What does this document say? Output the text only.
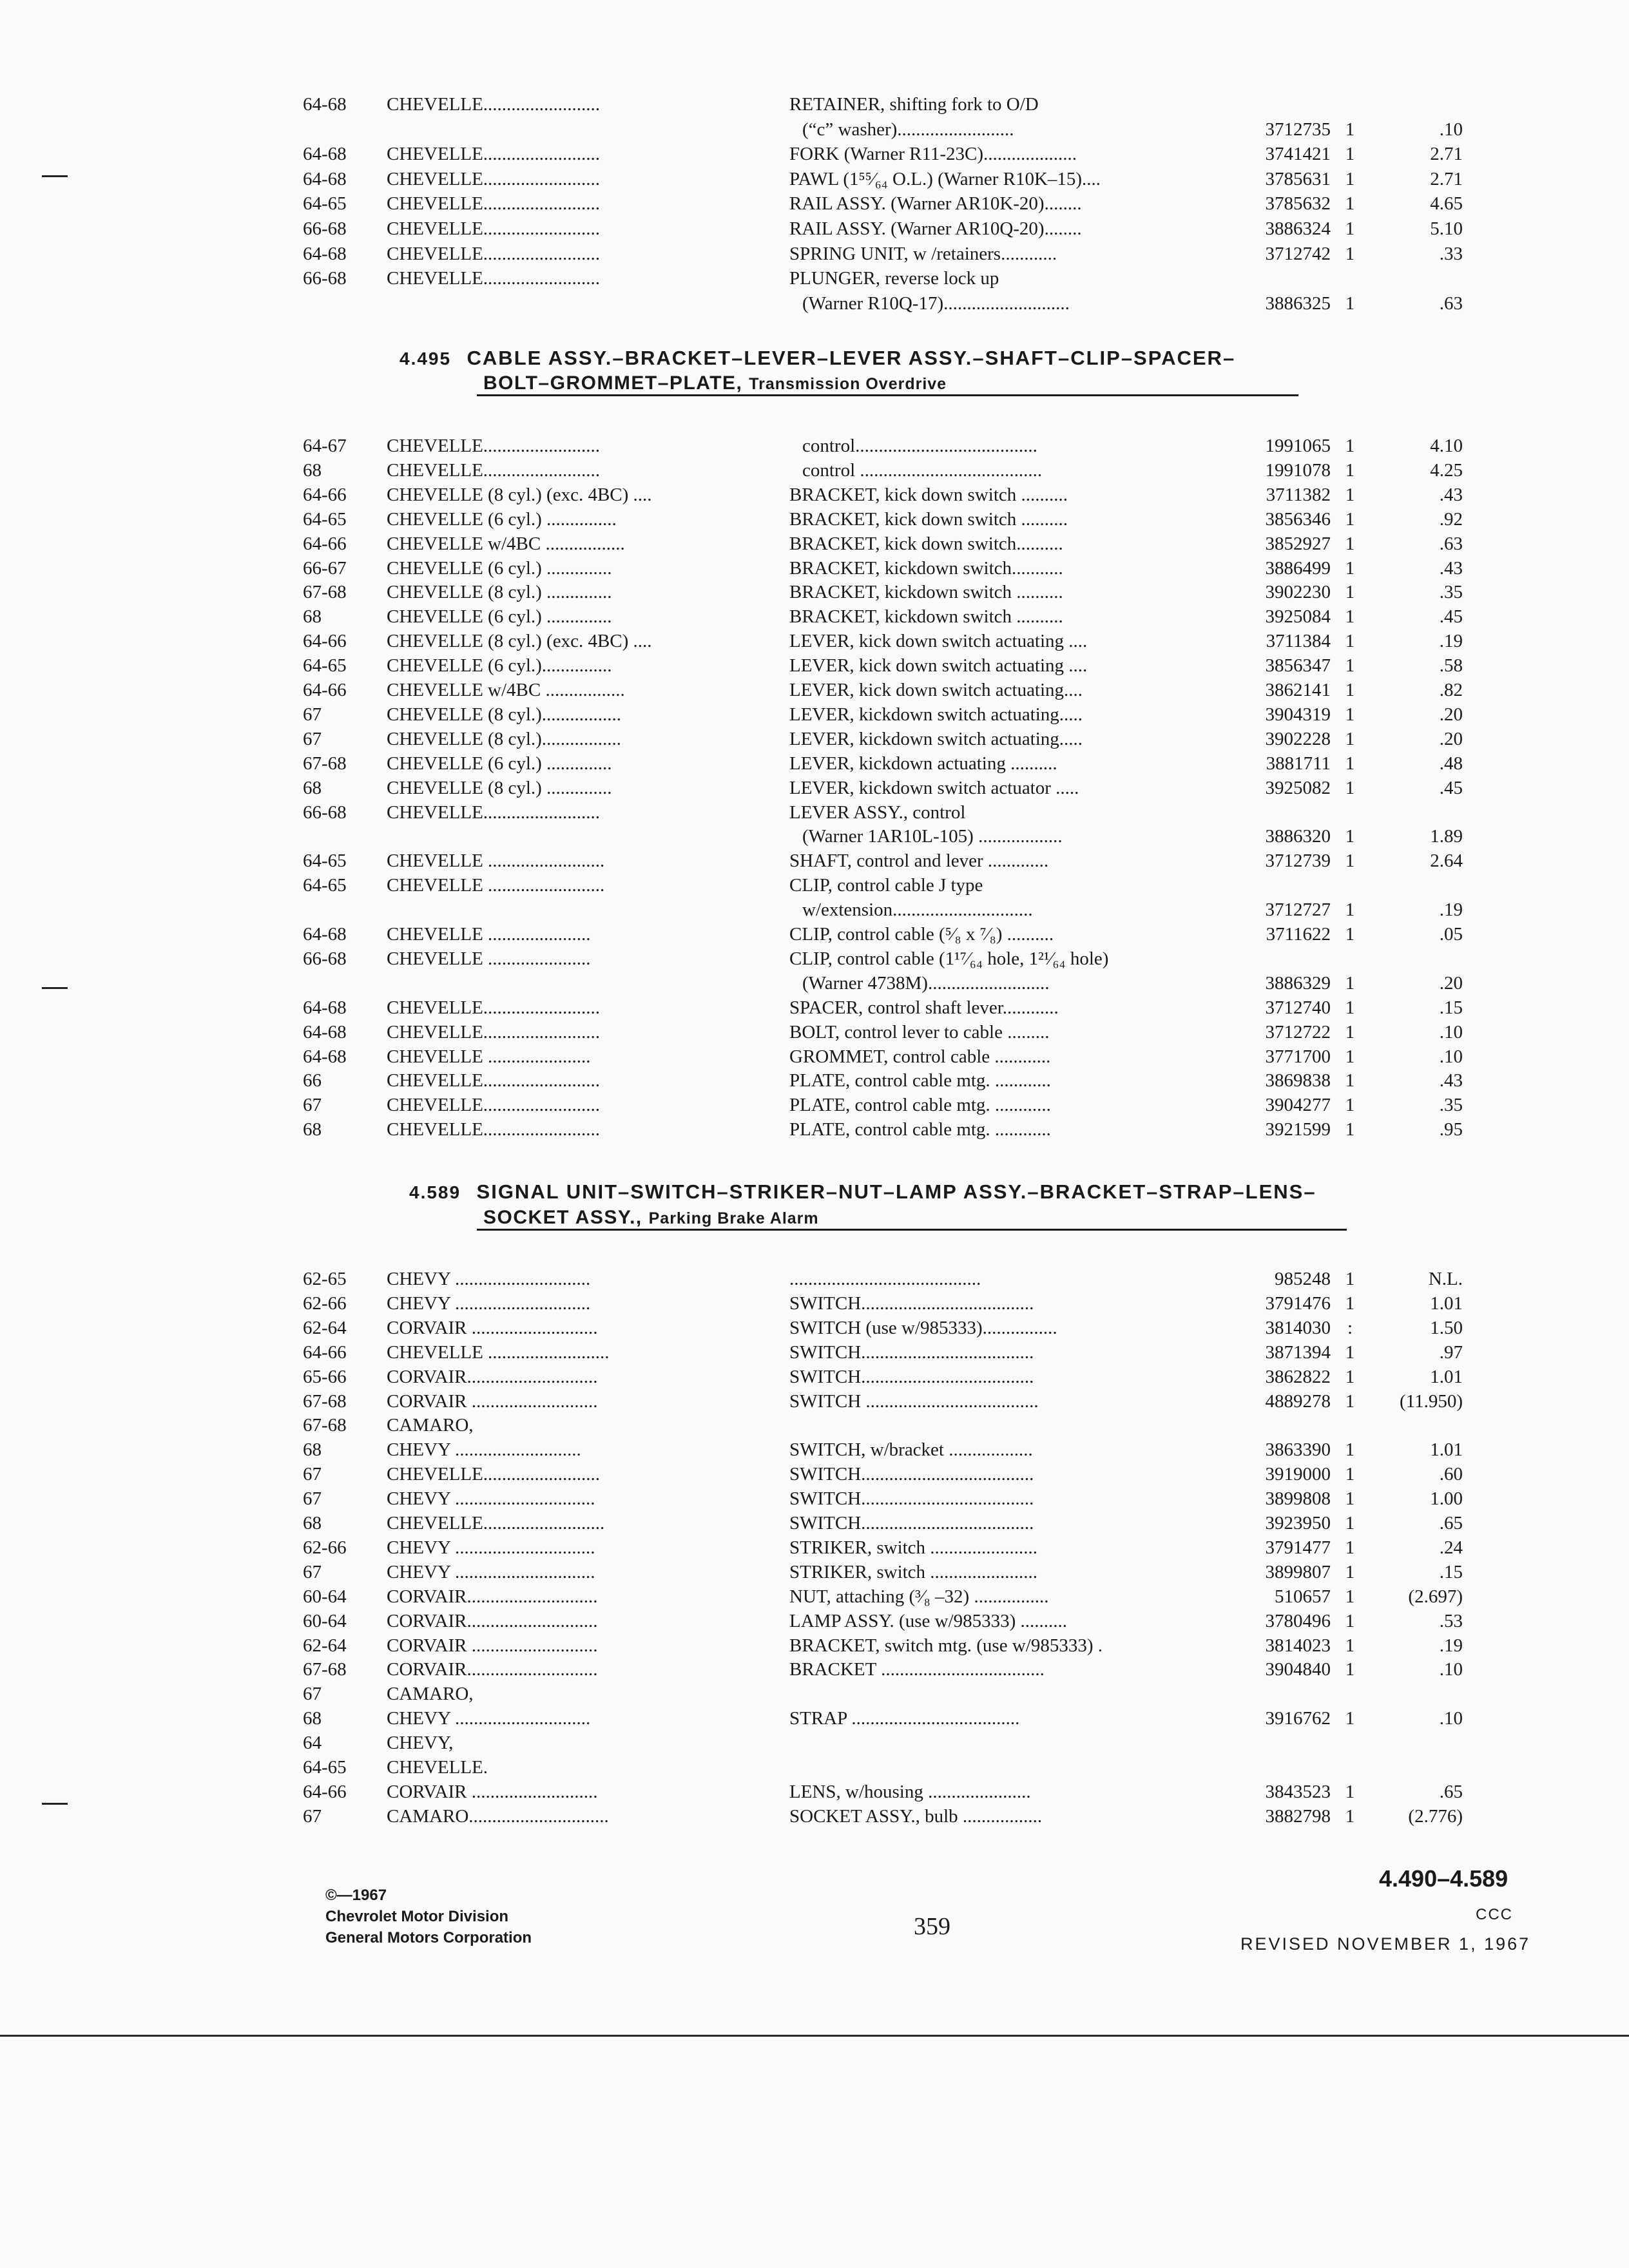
64-68	CHEVELLE.........................	RETAINER, shifting fork to O/D
(“c” washer).........................	3712735 1	.10
64-68	CHEVELLE.........................	FORK (Warner R11-23C)....................	3741421 1	2.71
64-68	CHEVELLE.........................	PAWL (1⁵⁵⁄₆₄ O.L.) (Warner R10K–15)....	3785631 1	2.71
64-65	CHEVELLE.........................	RAIL ASSY. (Warner AR10K-20)........	3785632 1	4.65
66-68	CHEVELLE.........................	RAIL ASSY. (Warner AR10Q-20)........	3886324 1	5.10
64-68	CHEVELLE.........................	SPRING UNIT, w /retainers............	3712742 1	.33
66-68	CHEVELLE.........................	PLUNGER, reverse lock up
(Warner R10Q-17)...........................	3886325 1	.63
4.495 CABLE ASSY.–BRACKET–LEVER–LEVER ASSY.–SHAFT–CLIP–SPACER–
BOLT–GROMMET–PLATE, Transmission Overdrive
64-67	CHEVELLE.........................	control.......................................	1991065 1	4.10
68	CHEVELLE.........................	control .......................................	1991078 1	4.25
64-66	CHEVELLE (8 cyl.) (exc. 4BC) ....	BRACKET, kick down switch ..........	3711382 1	.43
64-65	CHEVELLE (6 cyl.) ...............	BRACKET, kick down switch ..........	3856346 1	.92
64-66	CHEVELLE w/4BC .................	BRACKET, kick down switch..........	3852927 1	.63
66-67	CHEVELLE (6 cyl.) ..............	BRACKET, kickdown switch...........	3886499 1	.43
67-68	CHEVELLE (8 cyl.) ..............	BRACKET, kickdown switch ..........	3902230 1	.35
68	CHEVELLE (6 cyl.) ..............	BRACKET, kickdown switch ..........	3925084 1	.45
64-66	CHEVELLE (8 cyl.) (exc. 4BC) ....	LEVER, kick down switch actuating ....	3711384 1	.19
64-65	CHEVELLE (6 cyl.)...............	LEVER, kick down switch actuating ....	3856347 1	.58
64-66	CHEVELLE w/4BC .................	LEVER, kick down switch actuating....	3862141 1	.82
67	CHEVELLE (8 cyl.).................	LEVER, kickdown switch actuating.....	3904319 1	.20
67	CHEVELLE (8 cyl.).................	LEVER, kickdown switch actuating.....	3902228 1	.20
67-68	CHEVELLE (6 cyl.) ..............	LEVER, kickdown actuating ..........	3881711 1	.48
68	CHEVELLE (8 cyl.) ..............	LEVER, kickdown switch actuator .....	3925082 1	.45
66-68	CHEVELLE.........................	LEVER ASSY., control
(Warner 1AR10L-105) ..................	3886320 1	1.89
64-65	CHEVELLE .........................	SHAFT, control and lever .............	3712739 1	2.64
64-65	CHEVELLE .........................	CLIP, control cable J type
w/extension..............................	3712727 1	.19
64-68	CHEVELLE ......................	CLIP, control cable (⁵⁄₈ x ⁷⁄₈) ..........	3711622 1	.05
66-68	CHEVELLE ......................	CLIP, control cable (1¹⁷⁄₆₄ hole, 1²¹⁄₆₄ hole)
(Warner 4738M)..........................	3886329 1	.20
64-68	CHEVELLE.........................	SPACER, control shaft lever............	3712740 1	.15
64-68	CHEVELLE.........................	BOLT, control lever to cable .........	3712722 1	.10
64-68	CHEVELLE ......................	GROMMET, control cable ............	3771700 1	.10
66	CHEVELLE.........................	PLATE, control cable mtg. ............	3869838 1	.43
67	CHEVELLE.........................	PLATE, control cable mtg. ............	3904277 1	.35
68	CHEVELLE.........................	PLATE, control cable mtg. ............	3921599 1	.95
4.589 SIGNAL UNIT–SWITCH–STRIKER–NUT–LAMP ASSY.–BRACKET–STRAP–LENS–
SOCKET ASSY., Parking Brake Alarm
62-65	CHEVY .............................	.........................................	985248 1	N.L.
62-66	CHEVY .............................	SWITCH.....................................	3791476 1	1.01
62-64	CORVAIR ...........................	SWITCH (use w/985333)................	3814030 :	1.50
64-66	CHEVELLE ..........................	SWITCH.....................................	3871394 1	.97
65-66	CORVAIR............................	SWITCH.....................................	3862822 1	1.01
67-68	CORVAIR ...........................	SWITCH .....................................	4889278 1	(11.950)
67-68	CAMARO,
68	CHEVY ...........................	SWITCH, w/bracket ..................	3863390 1	1.01
67	CHEVELLE.........................	SWITCH.....................................	3919000 1	.60
67	CHEVY ..............................	SWITCH.....................................	3899808 1	1.00
68	CHEVELLE..........................	SWITCH.....................................	3923950 1	.65
62-66	CHEVY ..............................	STRIKER, switch .......................	3791477 1	.24
67	CHEVY ..............................	STRIKER, switch .......................	3899807 1	.15
60-64	CORVAIR............................	NUT, attaching (³⁄₈ –32) ................	510657 1	(2.697)
60-64	CORVAIR............................	LAMP ASSY. (use w/985333) ..........	3780496 1	.53
62-64	CORVAIR ...........................	BRACKET, switch mtg. (use w/985333) .	3814023 1	.19
67-68	CORVAIR............................	BRACKET ...................................	3904840 1	.10
67	CAMARO,
68	CHEVY .............................	STRAP ....................................	3916762 1	.10
64	CHEVY,
64-65	CHEVELLE.
64-66	CORVAIR ...........................	LENS, w/housing ......................	3843523 1	.65
67	CAMARO..............................	SOCKET ASSY., bulb .................	3882798 1	(2.776)
©—1967
Chevrolet Motor Division
General Motors Corporation	359
4.490–4.589
CCC
REVISED NOVEMBER 1, 1967
